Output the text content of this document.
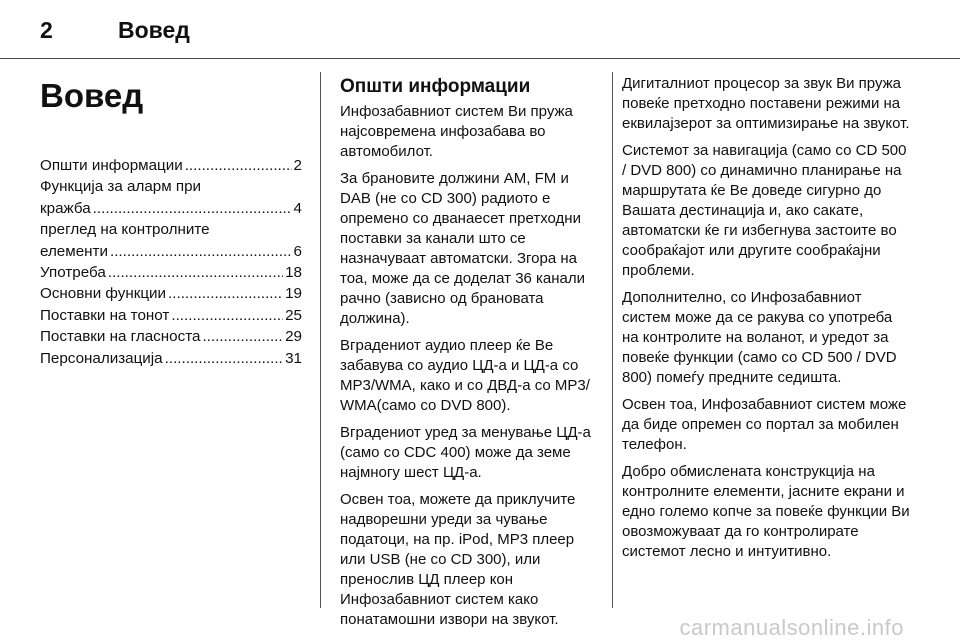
2	Вовед
Вовед
Општи информации .....	2
Функција за аларм при
кражба .....	4
преглед на контролните
елементи .....	6
Употреба .....	18
Основни функции .....	19
Поставки на тонот .....	25
Поставки на гласноста .....	29
Персонализација .....	31
Општи информации

Инфозабавниот систем Ви пружа најсовремена инфозабава во автомобилот.

За брановите должини AM, FM и DAB (не со CD 300) радиото е опремено со дванаесет претходни поставки за канали што се назначуваат автоматски. Згора на тоа, може да се доделат 36 канали рачно (зависно од брановата должина).

Вградениот аудио плеер ќе Ве забавува со аудио ЦД-а и ЦД-а со MP3/WMA, како и со ДВД-а со MP3/ WMA(само со DVD 800).

Вградениот уред за менување ЦД-а (само со CDC 400) може да земе најмногу шест ЦД-а.

Освен тоа, можете да приклучите надворешни уреди за чување податоци, на пр. iPod, MP3 плеер или USB (не со CD 300), или пренослив ЦД плеер кон Инфозабавниот систем како понатамошни извори на звукот.

Дигиталниот процесор за звук Ви пружа повеќе претходно поставени режими на еквилајзерот за оптимизирање на звукот.

Системот за навигација (само со CD 500 / DVD 800) со динамично планирање на маршрутата ќе Ве доведе сигурно до Вашата дестинација и, ако сакате, автоматски ќе ги избегнува застоите во сообраќајот или другите сообраќајни проблеми.

Дополнително, со Инфозабавниот систем може да се ракува со употреба на контролите на воланот, и уредот за повеќе функции (само со CD 500 / DVD 800) помеѓу предните седишта.

Освен тоа, Инфозабавниот систем може да биде опремен со портал за мобилен телефон.

Добро обмислената конструкција на контролните елементи, јасните екрани и едно големо копче за повеќе функции Ви овозможуваат да го контролирате системот лесно и интуитивно.

carmanualsonline.info
